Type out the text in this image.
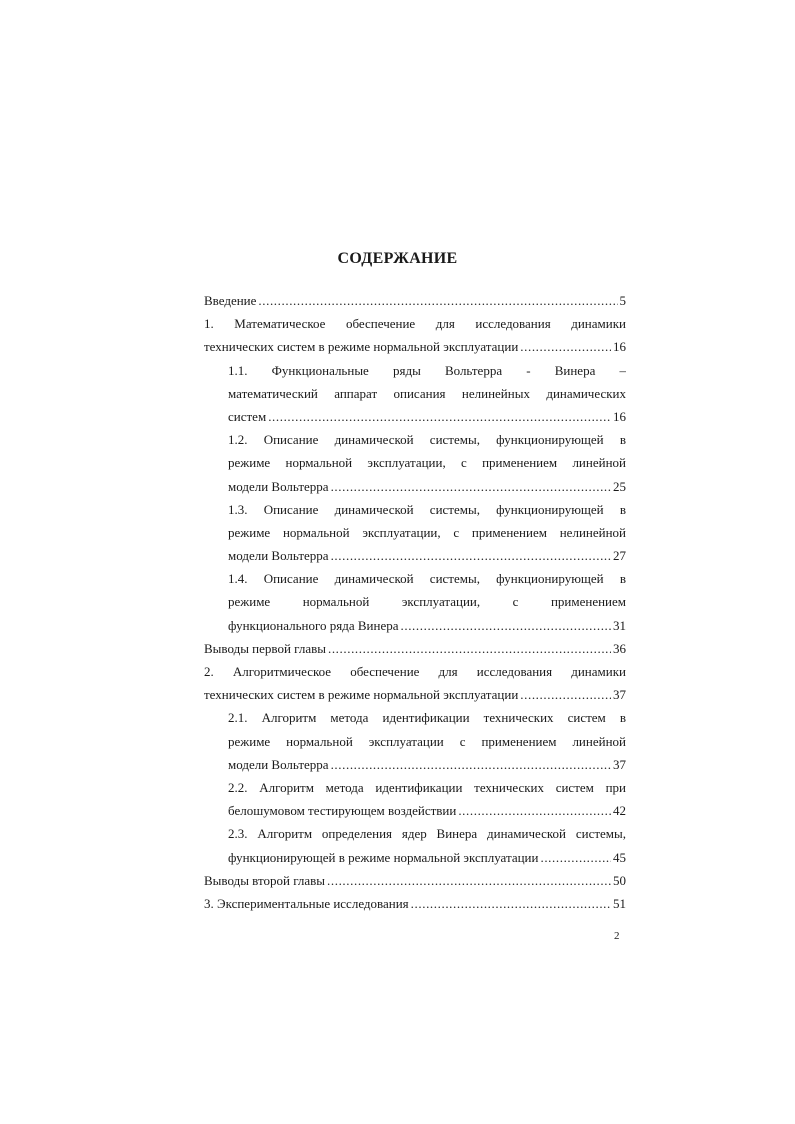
СОДЕРЖАНИЕ
Введение .....	5
1. Математическое обеспечение для исследования динамики
технических систем в режиме нормальной эксплуатации .....	16
1.1. Функциональные ряды Вольтерра - Винера –
математический аппарат описания нелинейных динамических
систем .....	16
1.2. Описание динамической системы, функционирующей в
режиме нормальной эксплуатации, с применением линейной
модели Вольтерра .....	25
1.3. Описание динамической системы, функционирующей в
режиме нормальной эксплуатации, с применением нелинейной
модели Вольтерра .....	27
1.4. Описание динамической системы, функционирующей в
режиме нормальной эксплуатации, с применением
функционального ряда Винера .....	31
Выводы первой главы .....	36
2. Алгоритмическое обеспечение для исследования динамики
технических систем в режиме нормальной эксплуатации .....	37
2.1. Алгоритм метода идентификации технических систем в
режиме нормальной эксплуатации с применением линейной
модели Вольтерра .....	37
2.2. Алгоритм метода идентификации технических систем при
белошумовом тестирующем воздействии .....	42
2.3. Алгоритм определения ядер Винера динамической системы,
функционирующей в режиме нормальной эксплуатации .....	45
Выводы второй главы .....	50
3. Экспериментальные исследования .....	51
2
